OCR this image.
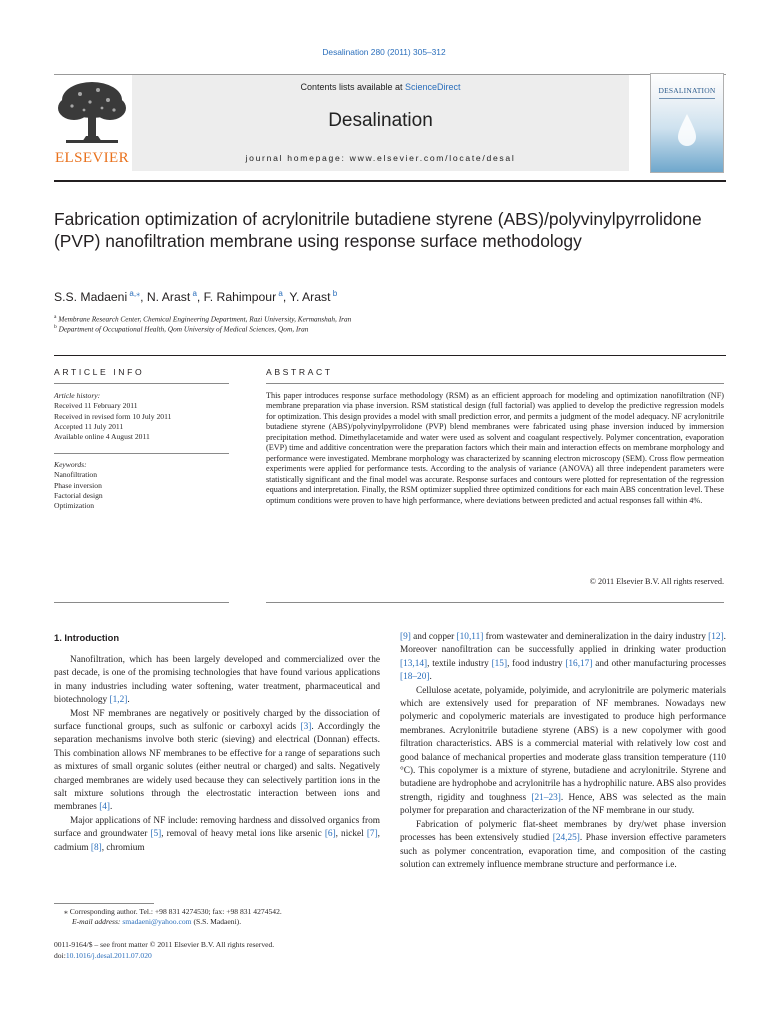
Desalination 280 (2011) 305–312
ELSEVIER
Contents lists available at ScienceDirect
Desalination
journal homepage: www.elsevier.com/locate/desal
DESALINATION
Fabrication optimization of acrylonitrile butadiene styrene (ABS)/polyvinylpyrrolidone (PVP) nanofiltration membrane using response surface methodology
S.S. Madaeni $^{a,⁎}$, N. Arast $^a$, F. Rahimpour $^a$, Y. Arast $^b$
$^a$ Membrane Research Center, Chemical Engineering Department, Razi University, Kermanshah, Iran
$^b$ Department of Occupational Health, Qom University of Medical Sciences, Qom, Iran
ARTICLE INFO	ABSTRACT
Article history:
Received 11 February 2011
Received in revised form 10 July 2011
Accepted 11 July 2011
Available online 4 August 2011
Keywords:
Nanofiltration
Phase inversion
Factorial design
Optimization
This paper introduces response surface methodology (RSM) as an efficient approach for modeling and optimization nanofiltration (NF) membrane preparation via phase inversion. RSM statistical design (full factorial) was applied to develop the predictive regression models for optimization. This design provides a model with small prediction error, and permits a judgment of the model adequacy. NF acrylonitrile butadiene styrene (ABS)/polyvinylpyrrolidone (PVP) blend membranes were fabricated using phase inversion induced by immersion precipitation method. Dimethylacetamide and water were used as solvent and coagulant respectively. Polymer concentration, evaporation (EVP) time and additive concentration were the preparation factors which their main and interaction effects on membrane morphology and performance were investigated. Membrane morphology was characterized by scanning electron microscopy (SEM). Cross flow permeation experiments were applied for performance tests. According to the analysis of variance (ANOVA) all three independent parameters were statistically significant and the final model was accurate. Response surfaces and contours were plotted for representation of the regression equations and interpretation. Finally, the RSM optimizer supplied three optimized conditions for each main ABS concentration level. These optimum conditions were proven to have high performance, where deviations between predicted and actual responses fall within 4%.
© 2011 Elsevier B.V. All rights reserved.
1. Introduction

Nanofiltration, which has been largely developed and commercialized over the past decade, is one of the promising technologies that have found various applications in many industries including water softening, water treatment, pharmaceutical and biotechnology [1,2].

Most NF membranes are negatively or positively charged by the dissociation of surface functional groups, such as sulfonic or carboxyl acids [3]. Accordingly the separation mechanisms involve both steric (sieving) and electrical (Donnan) effects. This combination allows NF membranes to be effective for a range of separations such as mixtures of small organic solutes (either neutral or charged) and salts. Negatively charged membranes are widely used because they can selectively partition ions in the salt mixture solutions through the electrostatic interaction between ions and membranes [4].

Major applications of NF include: removing hardness and dissolved organics from surface and groundwater [5], removal of heavy metal ions like arsenic [6], nickel [7], cadmium [8], chromium

[9] and copper [10,11] from wastewater and demineralization in the dairy industry [12]. Moreover nanofiltration can be successfully applied in drinking water production [13,14], textile industry [15], food industry [16,17] and other manufacturing processes [18–20].

Cellulose acetate, polyamide, polyimide, and acrylonitrile are polymeric materials which are extensively used for preparation of NF membranes. Nowadays new polymeric and copolymeric materials are investigated to produce high performance membranes. Acrylonitrile butadiene styrene (ABS) is a new copolymer with good filtration characteristics. ABS is a commercial material with relatively low cost and good balance of mechanical properties and moderate glass transition temperature (110 °C). This copolymer is a mixture of styrene, butadiene and acrylonitrile. Styrene and butadiene are hydrophobe and acrylonitrile has a hydrophilic nature. ABS also provides strength, rigidity and toughness [21–23]. Hence, ABS was selected as the main polymer for preparation and characterization of the NF membrane in our study.

Fabrication of polymeric flat-sheet membranes by dry/wet phase inversion processes has been extensively studied [24,25]. Phase inversion effective parameters such as polymer concentration, evaporation time, and composition of the casting solution can extremely influence membrane structure and performance i.e.

⁎ Corresponding author. Tel.: +98 831 4274530; fax: +98 831 4274542.
E-mail address: smadaeni@yahoo.com (S.S. Madaeni).
0011-9164/$ – see front matter © 2011 Elsevier B.V. All rights reserved.
doi:10.1016/j.desal.2011.07.020
